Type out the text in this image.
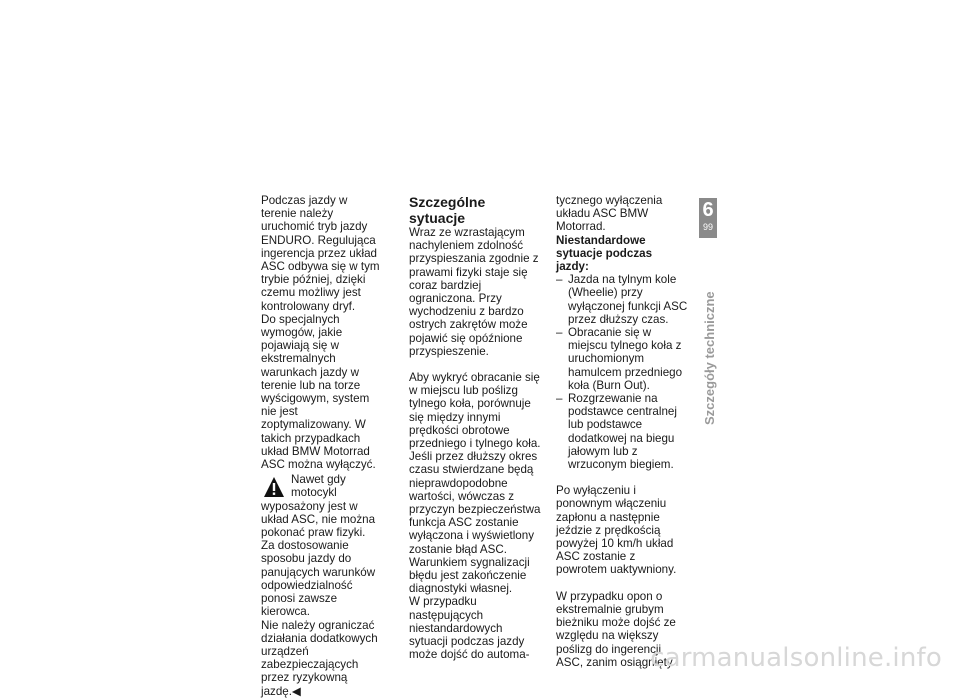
Podczas jazdy w terenie należy uruchomić tryb jazdy ENDURO. Regulująca ingerencja przez układ ASC odbywa się w tym trybie później, dzięki czemu możliwy jest kontrolowany dryf.

Do specjalnych wymogów, jakie pojawiają się w ekstremalnych warunkach jazdy w terenie lub na torze wyścigowym, system nie jest zoptymalizowany. W takich przypadkach układ BMW Motorrad ASC można wyłączyć.

Nawet gdy motocykl wyposażony jest w układ ASC, nie można pokonać praw fizyki. Za dostosowanie sposobu jazdy do panujących warunków odpowiedzialność ponosi zawsze kierowca.

Nie należy ograniczać działania dodatkowych urządzeń zabezpieczających przez ryzykowną jazdę.◀

Szczególne sytuacje

Wraz ze wzrastającym nachyleniem zdolność przyspieszania zgodnie z prawami fizyki staje się coraz bardziej ograniczona. Przy wychodzeniu z bardzo ostrych zakrętów może pojawić się opóźnione przyspieszenie.

Aby wykryć obracanie się w miejscu lub poślizg tylnego koła, porównuje się między innymi prędkości obrotowe przedniego i tylnego koła. Jeśli przez dłuższy okres czasu stwierdzane będą nieprawdopodobne wartości, wówczas z przyczyn bezpieczeństwa funkcja ASC zostanie wyłączona i wyświetlony zostanie błąd ASC. Warunkiem sygnalizacji błędu jest zakończenie diagnostyki własnej.

W przypadku następujących niestandardowych sytuacji podczas jazdy może dojść do automa-

tycznego wyłączenia układu ASC BMW Motorrad.

Niestandardowe sytuacje podczas jazdy:

– Jazda na tylnym kole (Wheelie) przy wyłączonej funkcji ASC przez dłuższy czas.
– Obracanie się w miejscu tylnego koła z uruchomionym hamulcem przedniego koła (Burn Out).
– Rozgrzewanie na podstawce centralnej lub podstawce dodatkowej na biegu jałowym lub z wrzuconym biegiem.

Po wyłączeniu i ponownym włączeniu zapłonu a następnie jeździe z prędkością powyżej 10 km/h układ ASC zostanie z powrotem uaktywniony.

W przypadku opon o ekstremalnie grubym bieżniku może dojść ze względu na większy poślizg do ingerencji ASC, zanim osiągnięty

6
99
Szczegóły techniczne
carmanualsonline.info
